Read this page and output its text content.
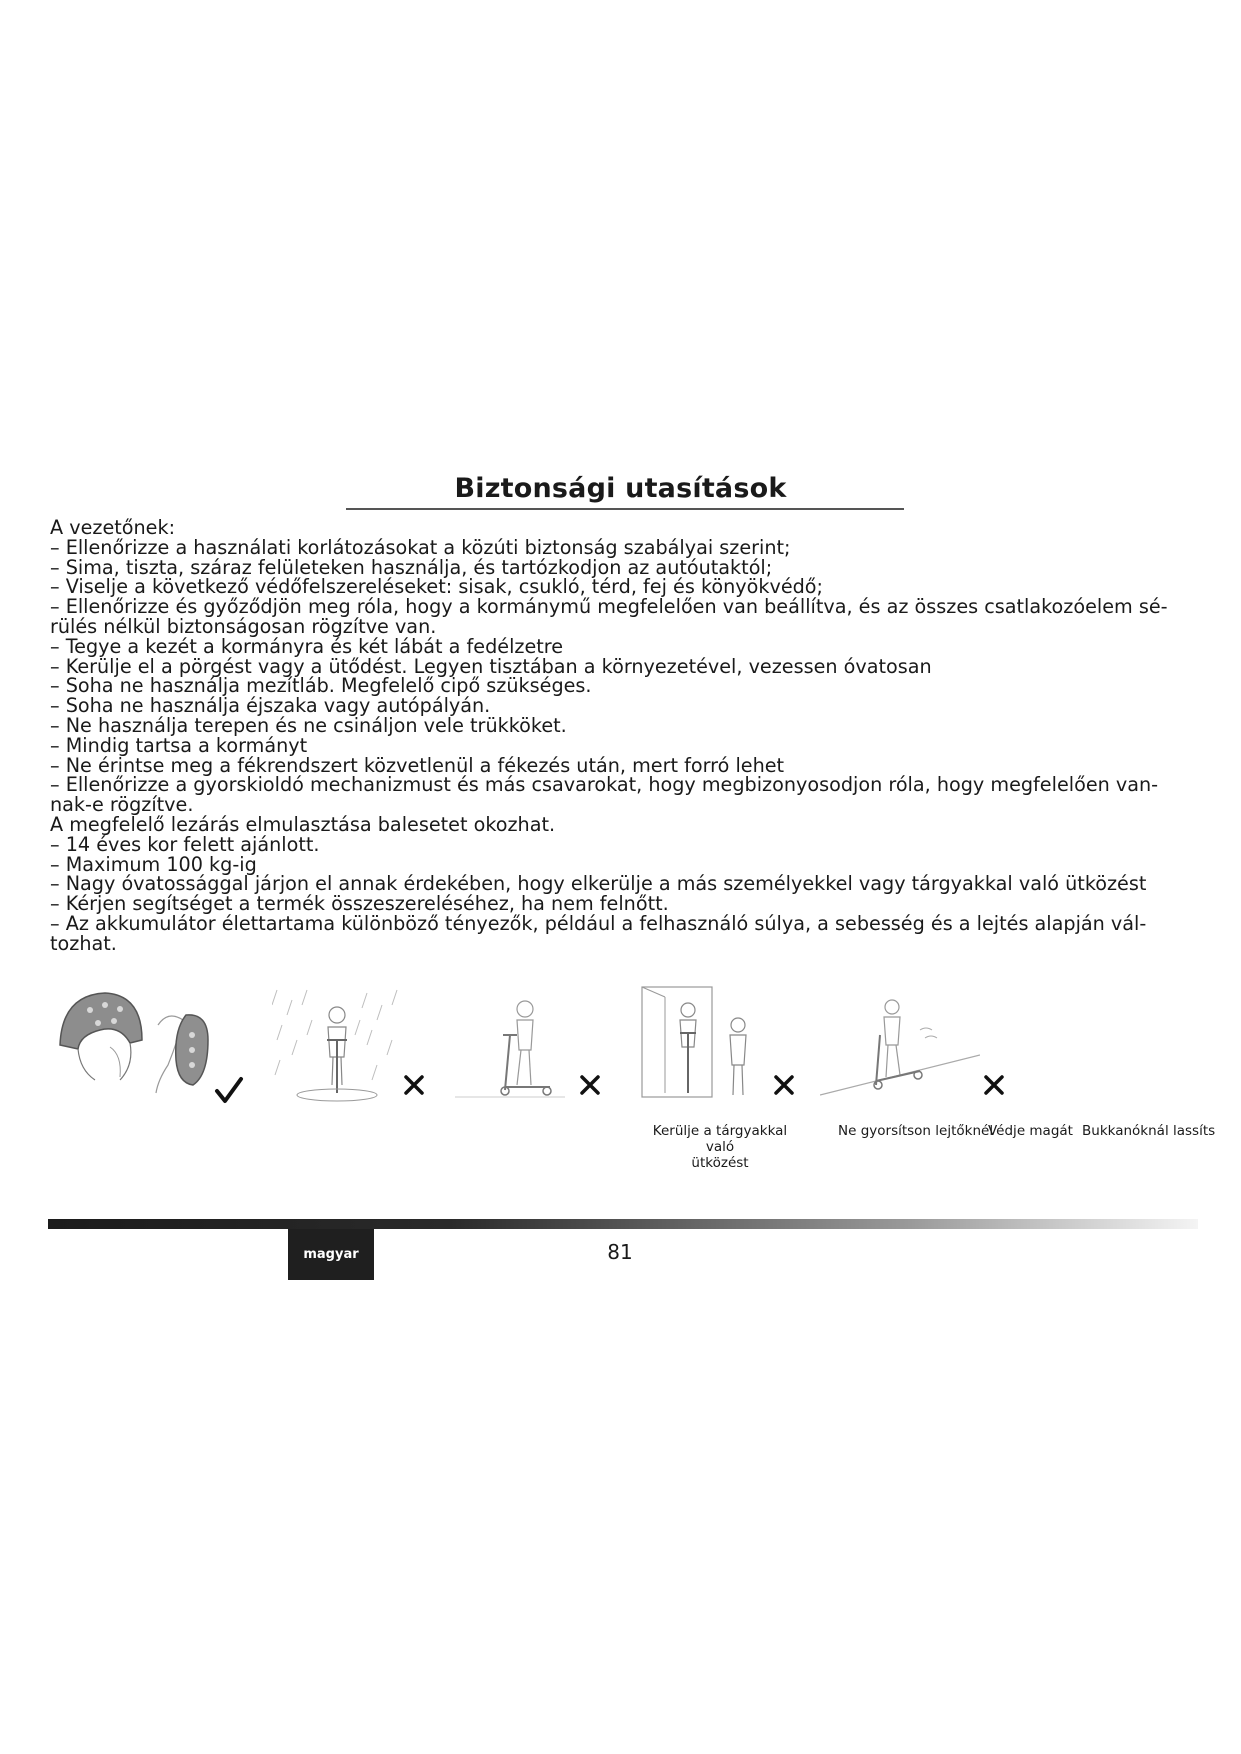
Biztonsági utasítások
A vezetőnek:
– Ellenőrizze a használati korlátozásokat a közúti biztonság szabályai szerint;
– Sima, tiszta, száraz felületeken használja, és tartózkodjon az autóutaktól;
– Viselje a következő védőfelszereléseket: sisak, csukló, térd, fej és könyökvédő;
– Ellenőrizze és győződjön meg róla, hogy a kormánymű megfelelően van beállítva, és az összes csatlakozóelem sé-
rülés nélkül biztonságosan rögzítve van.
– Tegye a kezét a kormányra és két lábát a fedélzetre
– Kerülje el a pörgést vagy a ütődést. Legyen tisztában a környezetével, vezessen óvatosan
– Soha ne használja mezítláb. Megfelelő cipő szükséges.
– Soha ne használja éjszaka vagy autópályán.
– Ne használja terepen és ne csináljon vele trükköket.
– Mindig tartsa a kormányt
– Ne érintse meg a fékrendszert közvetlenül a fékezés után, mert forró lehet
– Ellenőrizze a gyorskioldó mechanizmust és más csavarokat, hogy megbizonyosodjon róla, hogy megfelelően van-
nak-e rögzítve.
A megfelelő lezárás elmulasztása balesetet okozhat.
– 14 éves kor felett ajánlott.
– Maximum 100 kg-ig
– Nagy óvatossággal járjon el annak érdekében, hogy elkerülje a más személyekkel vagy tárgyakkal való ütközést
– Kérjen segítséget a termék összeszereléséhez, ha nem felnőtt.
– Az akkumulátor élettartama különböző tényezők, például a felhasználó súlya, a sebesség és a lejtés alapján vál-
tozhat.
Kerülje a tárgyakkal való
ütközést
Ne gyorsítson lejtőknél
Védje magát Bukkanóknál lassíts
magyar	81
